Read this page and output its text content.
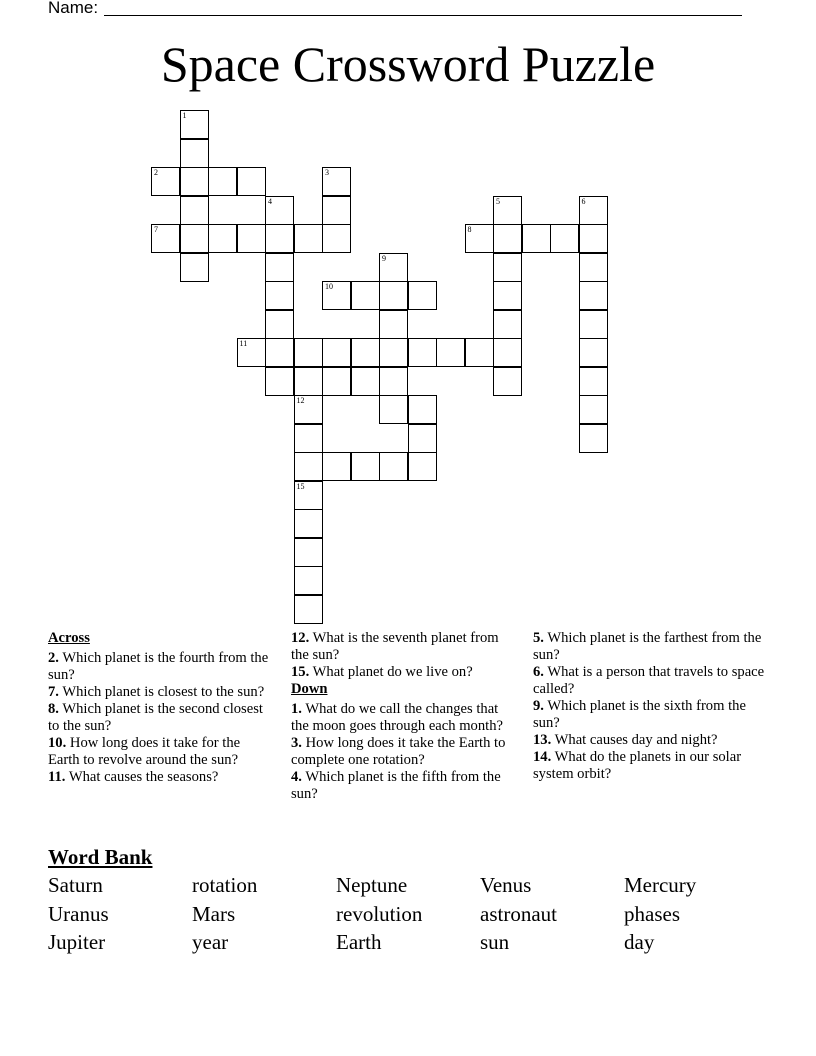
Name:
Space Crossword Puzzle
1
2
7
4
3
8
5	6
9
10
11
12
15
Across
2. Which planet is the fourth from the sun?
7. Which planet is closest to the sun?
8. Which planet is the second closest to the sun?
10. How long does it take for the Earth to revolve around the sun?
11. What causes the seasons?
12. What is the seventh planet from the sun?
15. What planet do we live on?
Down
1. What do we call the changes that the moon goes through each month?
3. How long does it take the Earth to complete one rotation?
4. Which planet is the fifth from the sun?
5. Which planet is the farthest from the sun?
6. What is a person that travels to space called?
9. Which planet is the sixth from the sun?
13. What causes day and night?
14. What do the planets in our solar system orbit?
Word Bank
Saturn	rotation	Neptune	Venus	Mercury
Uranus	Mars	revolution	astronaut	phases
Jupiter	year	Earth	sun	day
